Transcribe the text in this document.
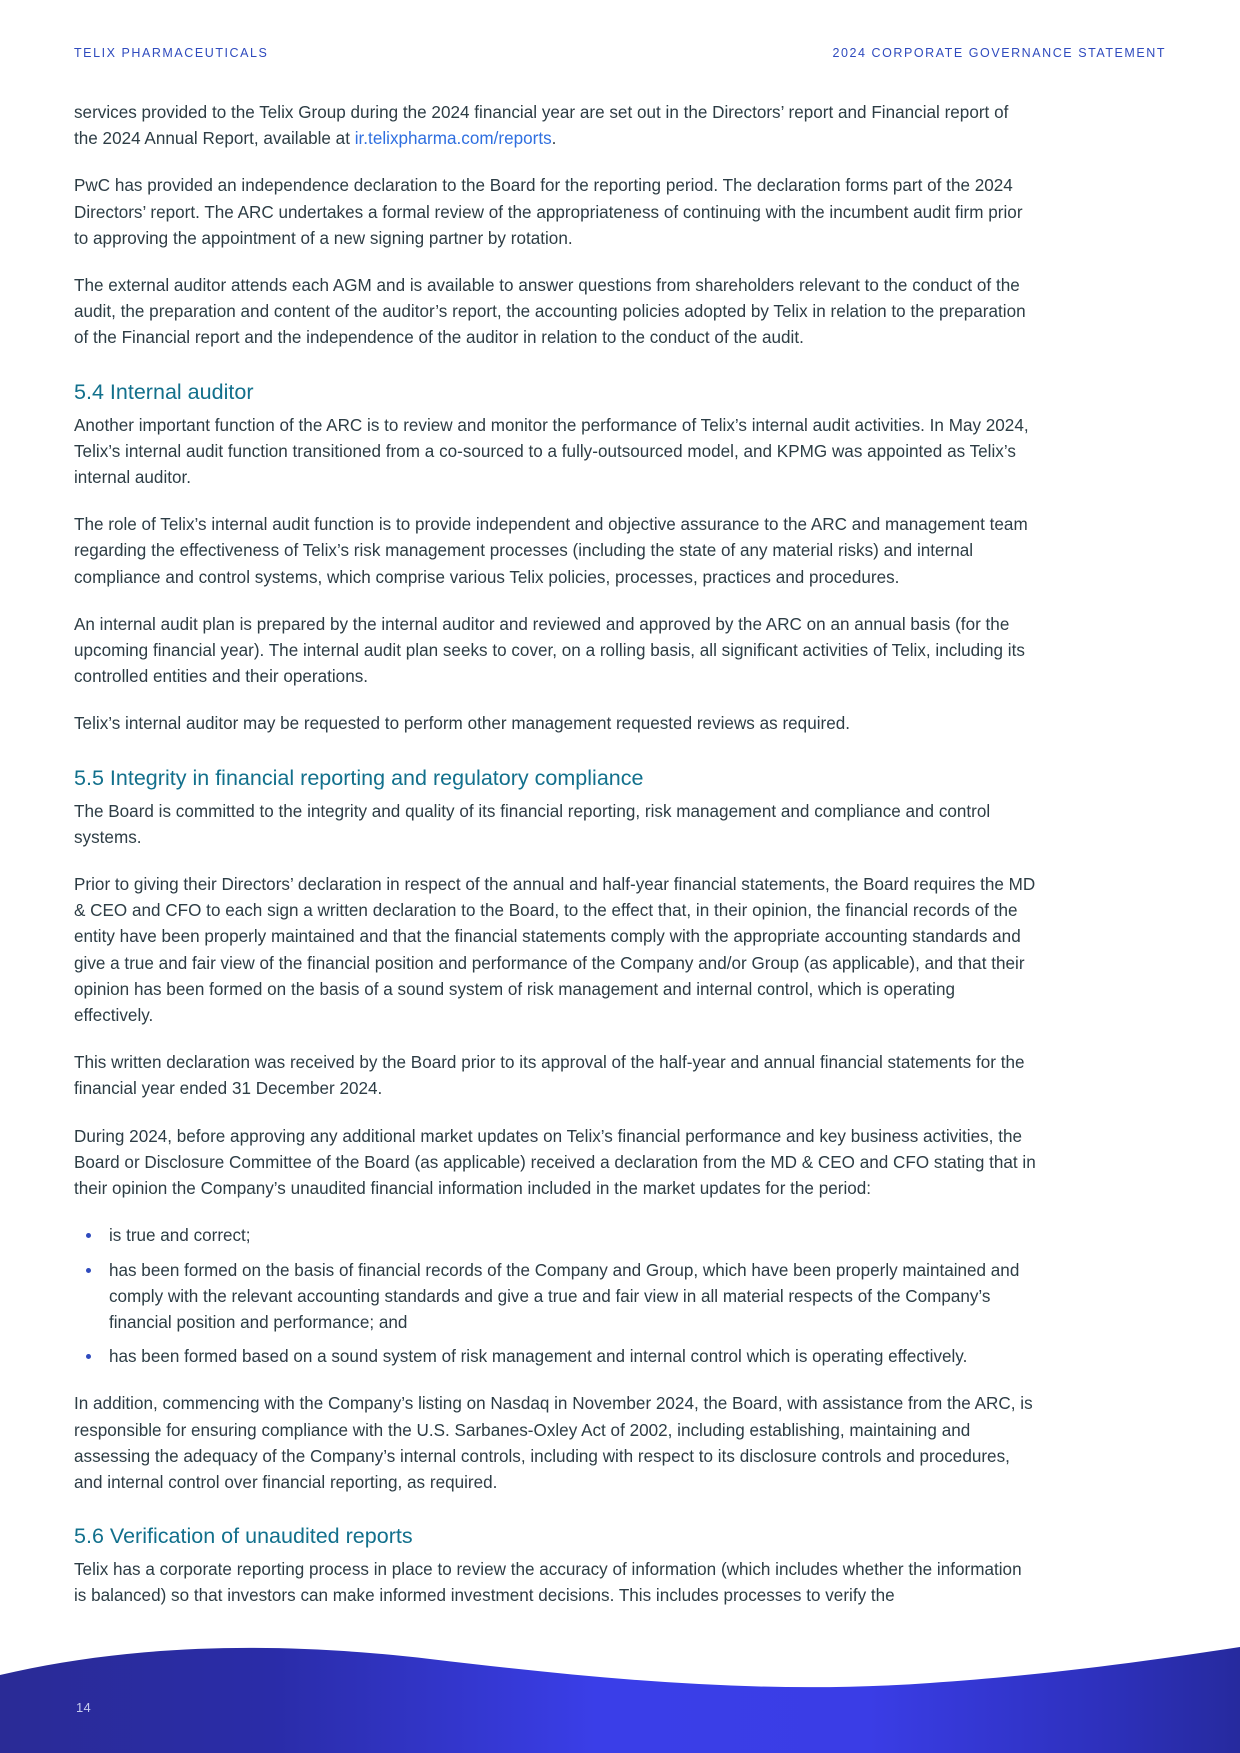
TELIX PHARMACEUTICALS	2024 CORPORATE GOVERNANCE STATEMENT

services provided to the Telix Group during the 2024 financial year are set out in the Directors’ report and Financial report of the 2024 Annual Report, available at ir.telixpharma.com/reports.

PwC has provided an independence declaration to the Board for the reporting period. The declaration forms part of the 2024 Directors’ report. The ARC undertakes a formal review of the appropriateness of continuing with the incumbent audit firm prior to approving the appointment of a new signing partner by rotation.

The external auditor attends each AGM and is available to answer questions from shareholders relevant to the conduct of the audit, the preparation and content of the auditor’s report, the accounting policies adopted by Telix in relation to the preparation of the Financial report and the independence of the auditor in relation to the conduct of the audit.

5.4 Internal auditor

Another important function of the ARC is to review and monitor the performance of Telix’s internal audit activities. In May 2024, Telix’s internal audit function transitioned from a co-sourced to a fully-outsourced model, and KPMG was appointed as Telix’s internal auditor.

The role of Telix’s internal audit function is to provide independent and objective assurance to the ARC and management team regarding the effectiveness of Telix’s risk management processes (including the state of any material risks) and internal compliance and control systems, which comprise various Telix policies, processes, practices and procedures.

An internal audit plan is prepared by the internal auditor and reviewed and approved by the ARC on an annual basis (for the upcoming financial year). The internal audit plan seeks to cover, on a rolling basis, all significant activities of Telix, including its controlled entities and their operations.

Telix’s internal auditor may be requested to perform other management requested reviews as required.

5.5 Integrity in financial reporting and regulatory compliance

The Board is committed to the integrity and quality of its financial reporting, risk management and compliance and control systems.

Prior to giving their Directors’ declaration in respect of the annual and half-year financial statements, the Board requires the MD & CEO and CFO to each sign a written declaration to the Board, to the effect that, in their opinion, the financial records of the entity have been properly maintained and that the financial statements comply with the appropriate accounting standards and give a true and fair view of the financial position and performance of the Company and/or Group (as applicable), and that their opinion has been formed on the basis of a sound system of risk management and internal control, which is operating effectively.

This written declaration was received by the Board prior to its approval of the half-year and annual financial statements for the financial year ended 31 December 2024.

During 2024, before approving any additional market updates on Telix’s financial performance and key business activities, the Board or Disclosure Committee of the Board (as applicable) received a declaration from the MD & CEO and CFO stating that in their opinion the Company’s unaudited financial information included in the market updates for the period:

is true and correct;
has been formed on the basis of financial records of the Company and Group, which have been properly maintained and comply with the relevant accounting standards and give a true and fair view in all material respects of the Company’s financial position and performance; and
has been formed based on a sound system of risk management and internal control which is operating effectively.

In addition, commencing with the Company’s listing on Nasdaq in November 2024, the Board, with assistance from the ARC, is responsible for ensuring compliance with the U.S. Sarbanes-Oxley Act of 2002, including establishing, maintaining and assessing the adequacy of the Company’s internal controls, including with respect to its disclosure controls and procedures, and internal control over financial reporting, as required.

5.6 Verification of unaudited reports

Telix has a corporate reporting process in place to review the accuracy of information (which includes whether the information is balanced) so that investors can make informed investment decisions. This includes processes to verify the

14
